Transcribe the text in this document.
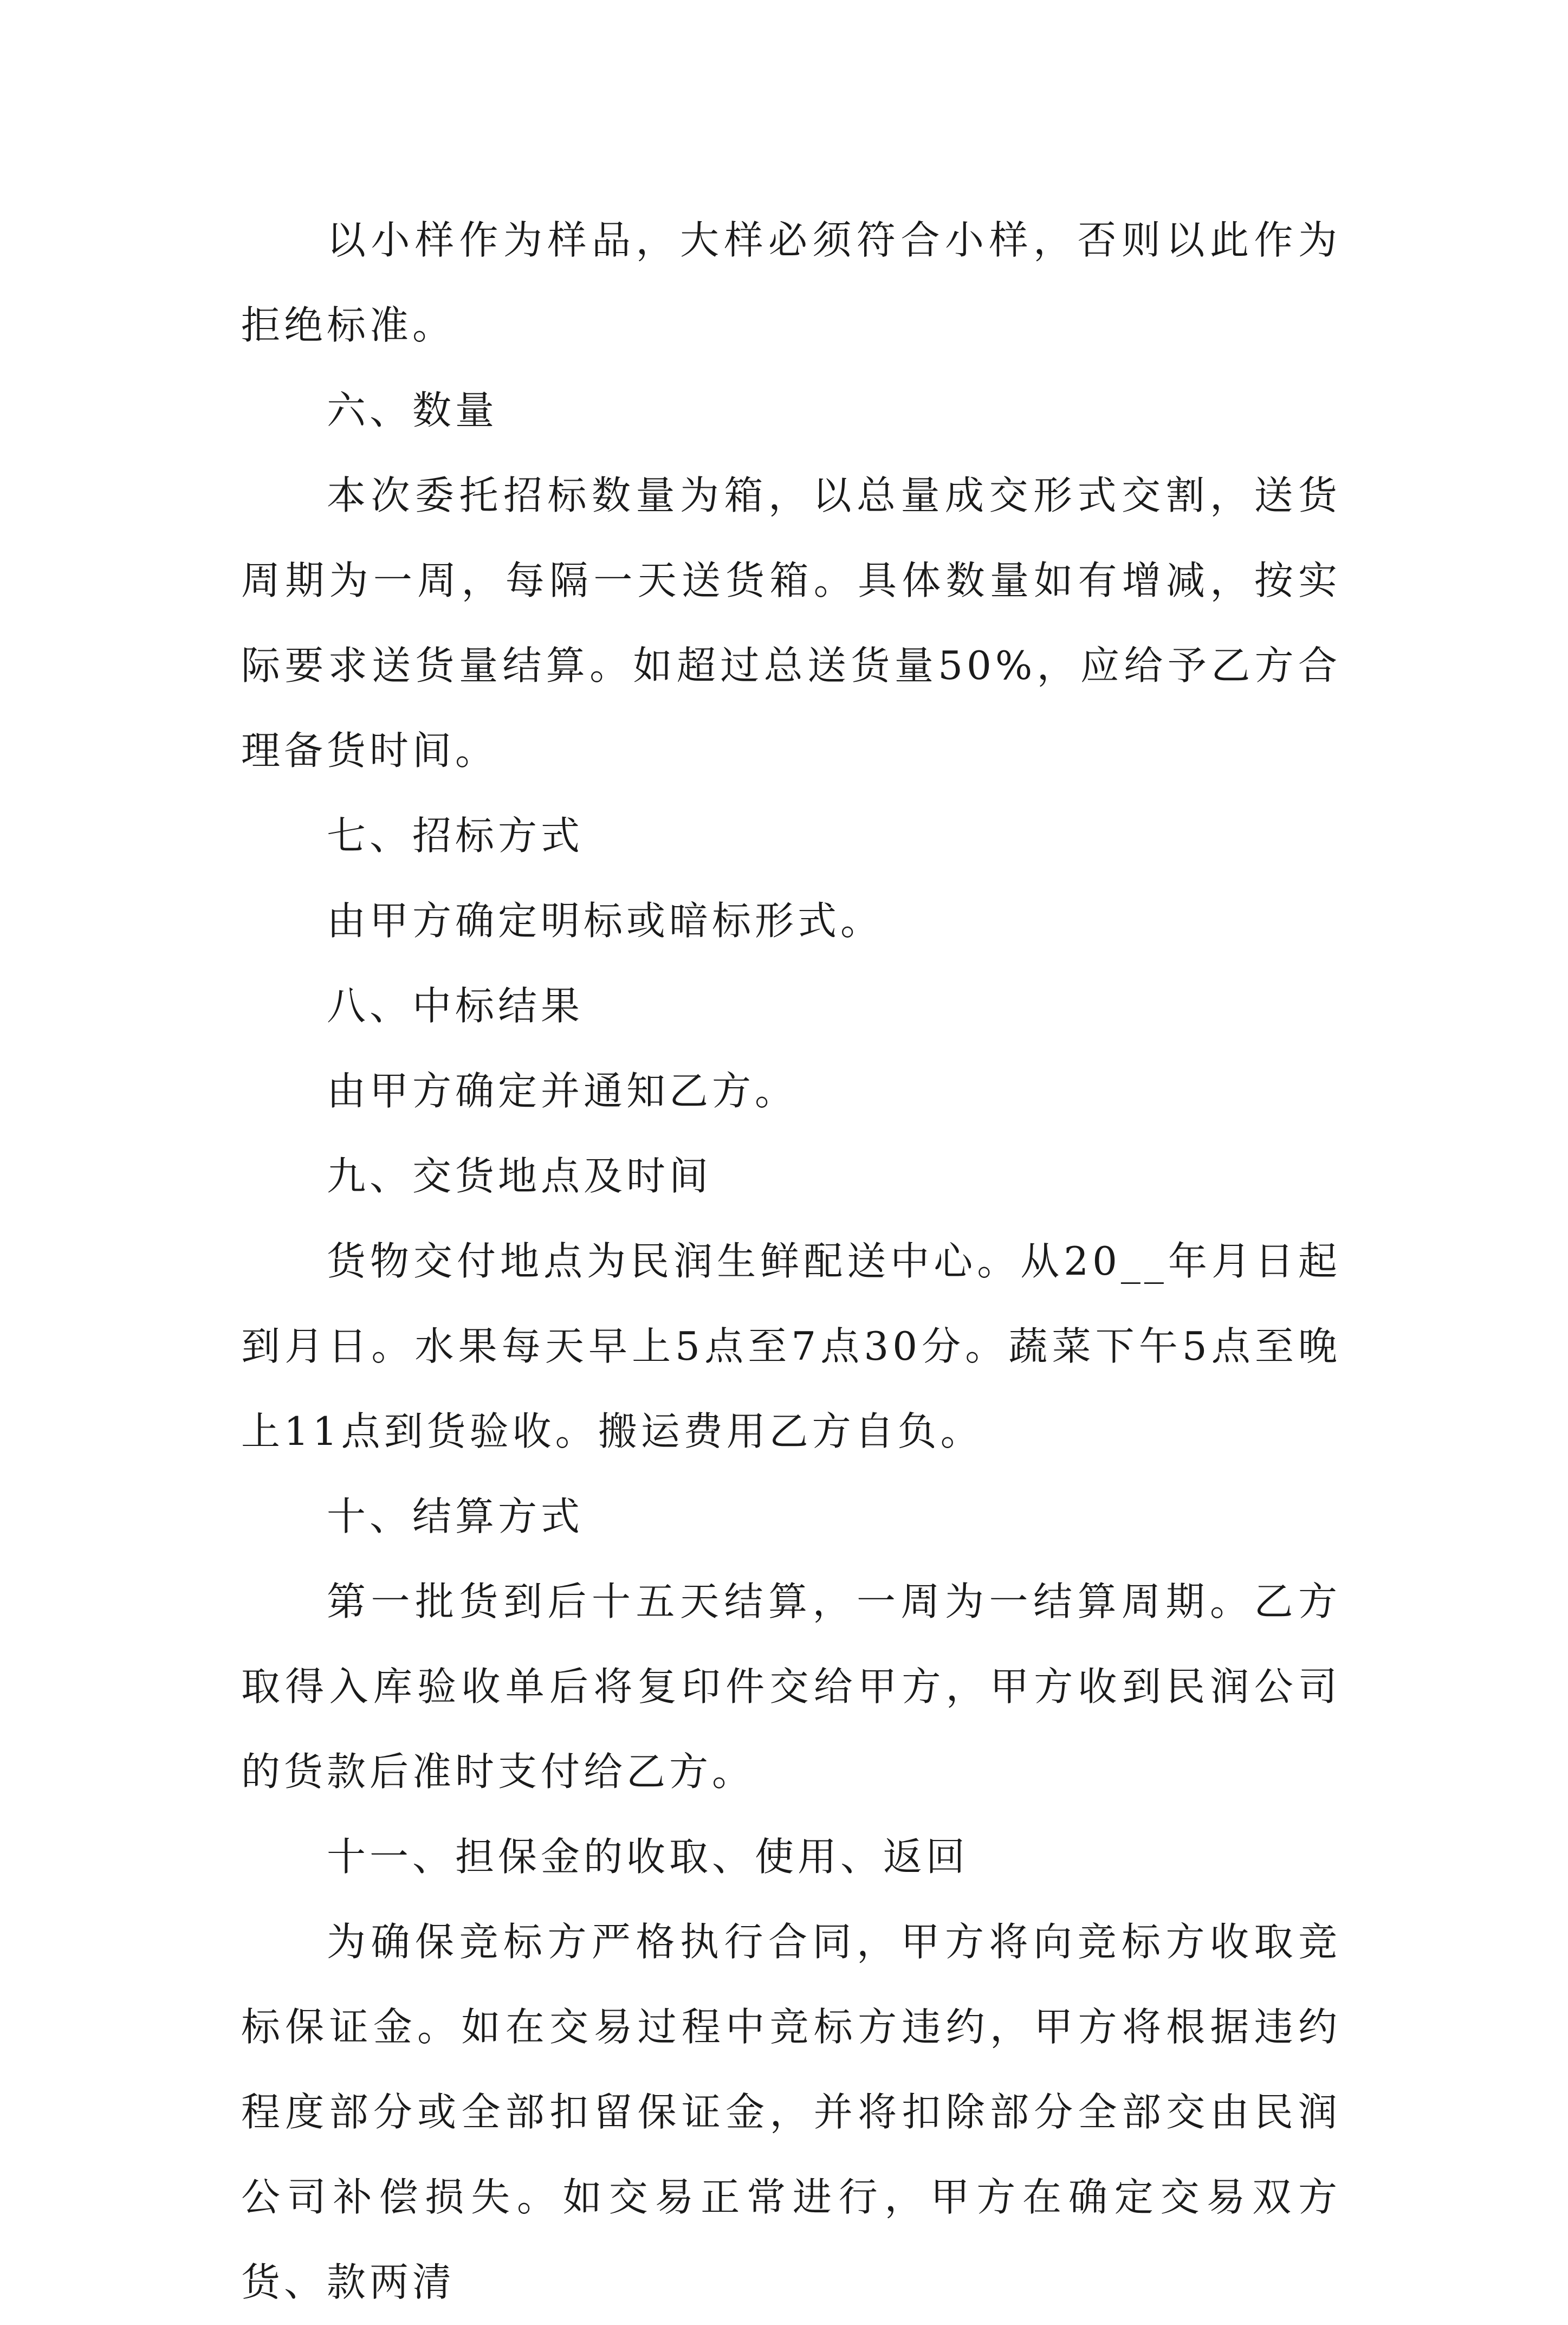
以小样作为样品，大样必须符合小样，否则以此作为拒绝标准。

六、数量

本次委托招标数量为箱，以总量成交形式交割，送货周期为一周，每隔一天送货箱。具体数量如有增减，按实际要求送货量结算。如超过总送货量50%，应给予乙方合理备货时间。

七、招标方式

由甲方确定明标或暗标形式。

八、中标结果

由甲方确定并通知乙方。

九、交货地点及时间

货物交付地点为民润生鲜配送中心。从20__年月日起到月日。水果每天早上5点至7点30分。蔬菜下午5点至晚上11点到货验收。搬运费用乙方自负。

十、结算方式

第一批货到后十五天结算，一周为一结算周期。乙方取得入库验收单后将复印件交给甲方，甲方收到民润公司的货款后准时支付给乙方。

十一、担保金的收取、使用、返回

为确保竞标方严格执行合同，甲方将向竞标方收取竞标保证金。如在交易过程中竞标方违约，甲方将根据违约程度部分或全部扣留保证金，并将扣除部分全部交由民润公司补偿损失。如交易正常进行，甲方在确定交易双方货、款两清
